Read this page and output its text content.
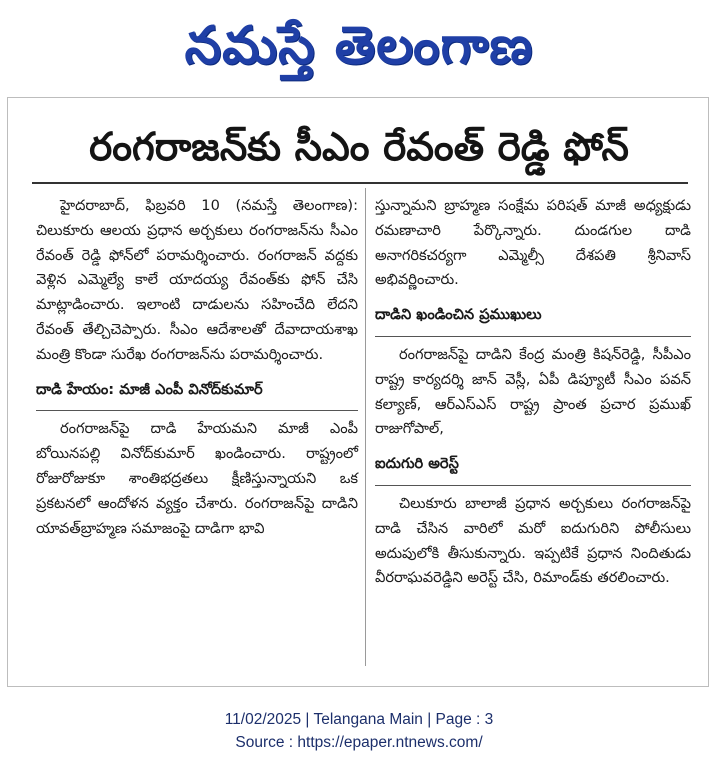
నమస్తే తెలంగాణ
రంగరాజన్‌కు సీఎం రేవంత్ రెడ్డి ఫోన్

హైదరాబాద్, ఫిబ్రవరి 10 (నమస్తే తెలంగాణ): చిలుకూరు ఆలయ ప్రధాన అర్చకులు రంగరాజన్‌ను సీఎం రేవంత్ రెడ్డి ఫోన్‌లో పరామర్శించారు. రంగరాజన్ వద్దకు వెళ్లిన ఎమ్మెల్యే కాలే యాదయ్య రేవంత్‌కు ఫోన్ చేసి మాట్లాడించారు. ఇలాంటి దాడులను సహించేది లేదని రేవంత్ తేల్చిచెప్పారు. సీఎం ఆదేశాలతో దేవాదాయశాఖ మంత్రి కొండా సురేఖ రంగరాజన్‌ను పరామర్శించారు.

దాడి హేయం: మాజీ ఎంపీ వినోద్‌కుమార్

రంగరాజన్‌పై దాడి హేయమని మాజీ ఎంపీ బోయినపల్లి వినోద్‌కుమార్ ఖండించారు. రాష్ట్రంలో రోజురోజుకూ శాంతిభద్రతలు క్షీణిస్తున్నాయని ఒక ప్రకటనలో ఆందోళన వ్యక్తం చేశారు. రంగరాజన్‌పై దాడిని యావత్‌బ్రాహ్మణ సమాజంపై దాడిగా భావి

స్తున్నామని బ్రాహ్మణ సంక్షేమ పరిషత్ మాజీ అధ్యక్షుడు రమణాచారి పేర్కొన్నారు. దుండగుల దాడి అనాగరికచర్యగా ఎమ్మెల్సీ దేశపతి శ్రీనివాస్ అభివర్ణించారు.

దాడిని ఖండించిన ప్రముఖులు

రంగరాజన్‌పై దాడిని కేంద్ర మంత్రి కిషన్‌రెడ్డి, సీపీఎం రాష్ట్ర కార్యదర్శి జాన్ వెస్లీ, ఏపీ డిప్యూటీ సీఎం పవన్ కల్యాణ్, ఆర్‌ఎస్‌ఎస్ రాష్ట్ర ప్రాంత ప్రచార ప్రముఖ్ రాజుగోపాల్,

ఐదుగురి అరెస్ట్

చిలుకూరు బాలాజీ ప్రధాన అర్చకులు రంగరాజన్‌పై దాడి చేసిన వారిలో మరో ఐదుగురిని పోలీసులు అదుపులోకి తీసుకున్నారు. ఇప్పటికే ప్రధాన నిందితుడు వీరరాఘవరెడ్డిని అరెస్ట్ చేసి, రిమాండ్‌కు తరలించారు.

11/02/2025 | Telangana Main | Page : 3
Source : https://epaper.ntnews.com/
